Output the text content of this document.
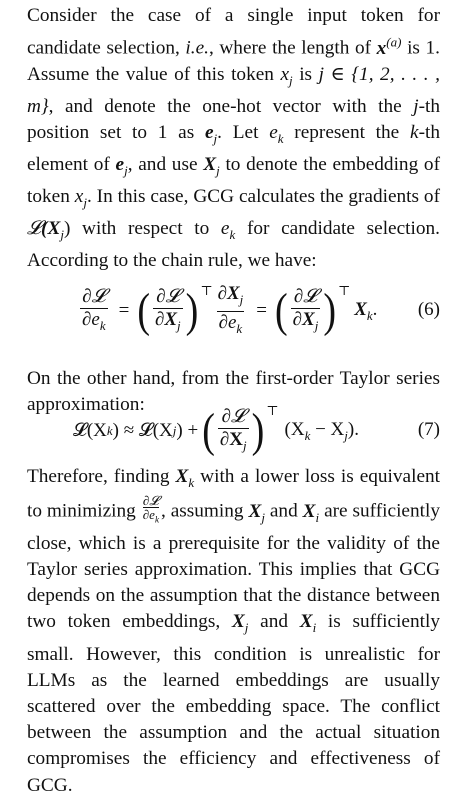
Consider the case of a single input token for candidate selection, i.e., where the length of $x^{(a)}$ is 1. Assume the value of this token $x_j$ is j ∈ {1, 2, . . . , m}, and denote the one-hot vector with the j-th position set to 1 as $e_j$. Let $e_k$ represent the k-th element of $e_j$, and use $X_j$ to denote the embedding of token $x_j$. In this case, GCG calculates the gradients of $𝓛(X_j)$ with respect to $e_k$ for candidate selection. According to the chain rule, we have:
$\frac{\text{∂𝓛}}{\partial e_k}$ = ( $\frac{\text{∂𝓛}}{\partial X_j}$ ) ⊤ $\frac{\partial X_j}{\partial e_k}$ = ( $\frac{\text{∂𝓛}}{\partial X_j}$ ) ⊤
$X_k$. (6)
On the other hand, from the first-order Taylor series approximation:
𝓛(X k ) ≈ 𝓛(X j ) + ( $\frac{\text{∂𝓛}}{\partial X_j}$ ) ⊤
$(X_k - X_j)$.	(7)
Therefore, finding $X_k$ with a lower loss is equivalent to minimizing $\frac{\text{∂𝓛}}{\partial e_k}$ , assuming $X_j$ and $X_i$ are sufficiently close, which is a prerequisite for the validity of the Taylor series approximation. This implies that GCG depends on the assumption that the distance between two token embeddings, $X_j$ and $X_i$ is sufficiently small. However, this condition is unrealistic for LLMs as the learned embeddings are usually scattered over the embedding space. The conflict between the assumption and the actual situation compromises the efficiency and effectiveness of GCG.
